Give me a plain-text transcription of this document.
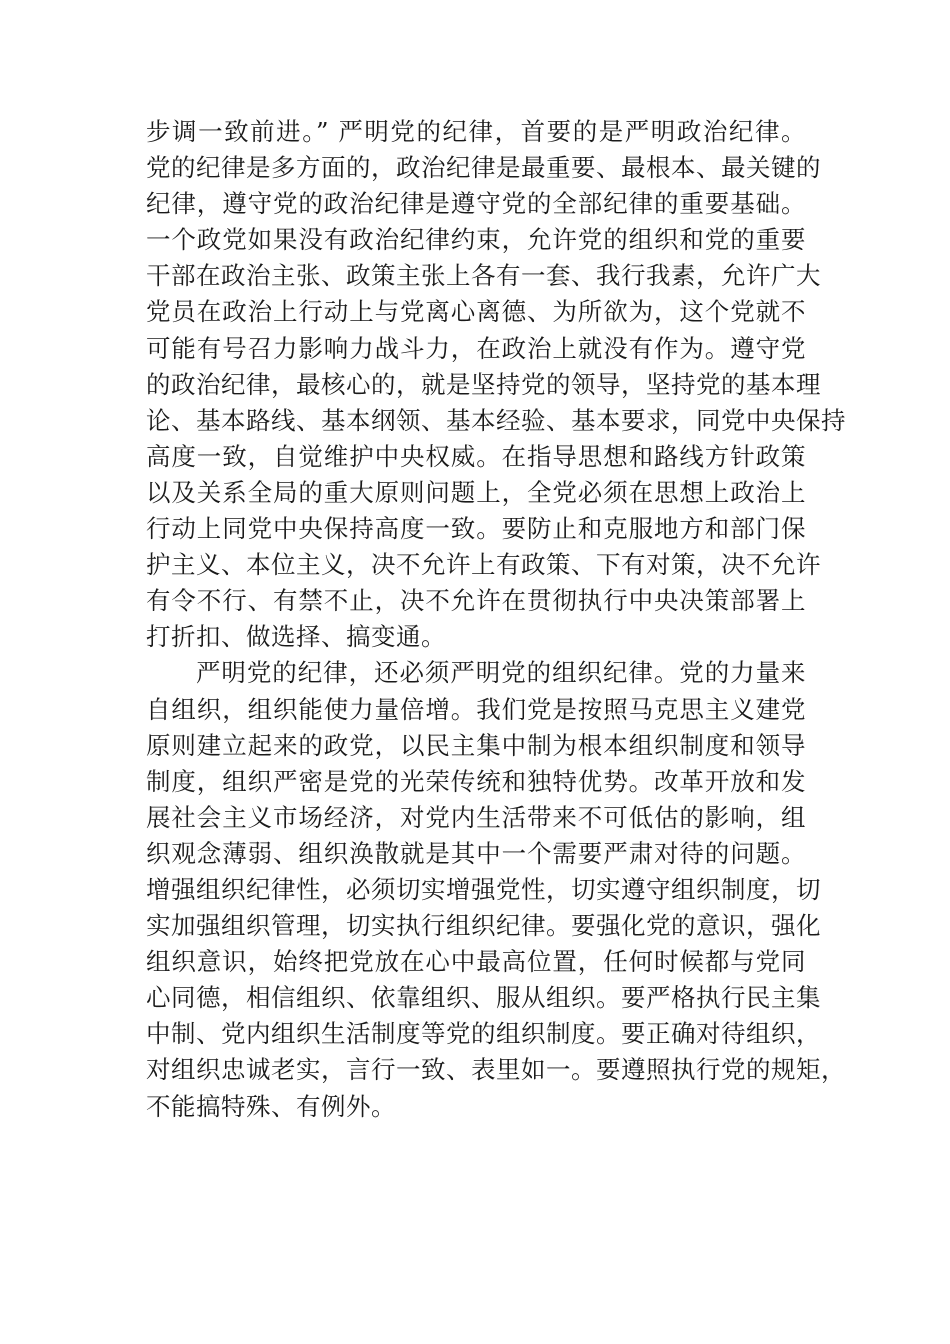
步调一致前进。” 严明党的纪律，首要的是严明政治纪律。
党的纪律是多方面的，政治纪律是最重要、最根本、最关键的
纪律，遵守党的政治纪律是遵守党的全部纪律的重要基础。
一个政党如果没有政治纪律约束，允许党的组织和党的重要
干部在政治主张、政策主张上各有一套、我行我素，允许广大
党员在政治上行动上与党离心离德、为所欲为，这个党就不
可能有号召力影响力战斗力，在政治上就没有作为。遵守党
的政治纪律，最核心的，就是坚持党的领导，坚持党的基本理
论、基本路线、基本纲领、基本经验、基本要求，同党中央保持
高度一致，自觉维护中央权威。在指导思想和路线方针政策
以及关系全局的重大原则问题上，全党必须在思想上政治上
行动上同党中央保持高度一致。要防止和克服地方和部门保
护主义、本位主义，决不允许上有政策、下有对策，决不允许
有令不行、有禁不止，决不允许在贯彻执行中央决策部署上
打折扣、做选择、搞变通。
严明党的纪律，还必须严明党的组织纪律。党的力量来
自组织，组织能使力量倍增。我们党是按照马克思主义建党
原则建立起来的政党，以民主集中制为根本组织制度和领导
制度，组织严密是党的光荣传统和独特优势。改革开放和发
展社会主义市场经济，对党内生活带来不可低估的影响，组
织观念薄弱、组织涣散就是其中一个需要严肃对待的问题。
增强组织纪律性，必须切实增强党性，切实遵守组织制度，切
实加强组织管理，切实执行组织纪律。要强化党的意识，强化
组织意识，始终把党放在心中最高位置，任何时候都与党同
心同德，相信组织、依靠组织、服从组织。要严格执行民主集
中制、党内组织生活制度等党的组织制度。要正确对待组织，
对组织忠诚老实，言行一致、表里如一。要遵照执行党的规矩，
不能搞特殊、有例外。
